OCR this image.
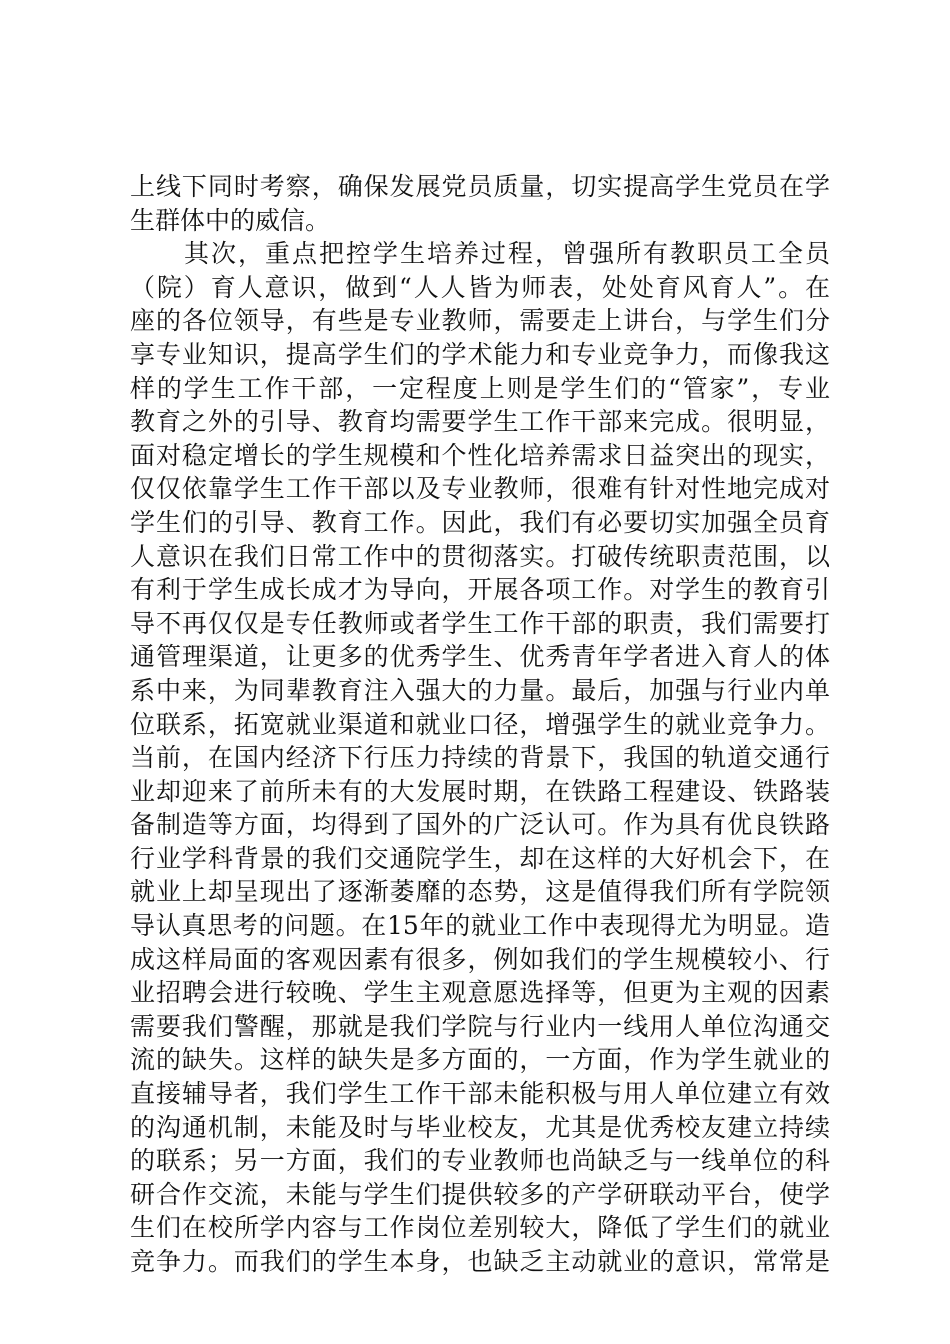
上线下同时考察，确保发展党员质量，切实提高学生党员在学
生群体中的威信。
　　其次，重点把控学生培养过程，曾强所有教职员工全员
（院）育人意识，做到“人人皆为师表，处处育风育人”。在
座的各位领导，有些是专业教师，需要走上讲台，与学生们分
享专业知识，提高学生们的学术能力和专业竞争力，而像我这
样的学生工作干部，一定程度上则是学生们的“管家”，专业
教育之外的引导、教育均需要学生工作干部来完成。很明显，
面对稳定增长的学生规模和个性化培养需求日益突出的现实，
仅仅依靠学生工作干部以及专业教师，很难有针对性地完成对
学生们的引导、教育工作。因此，我们有必要切实加强全员育
人意识在我们日常工作中的贯彻落实。打破传统职责范围，以
有利于学生成长成才为导向，开展各项工作。对学生的教育引
导不再仅仅是专任教师或者学生工作干部的职责，我们需要打
通管理渠道，让更多的优秀学生、优秀青年学者进入育人的体
系中来，为同辈教育注入强大的力量。最后，加强与行业内单
位联系，拓宽就业渠道和就业口径，增强学生的就业竞争力。
当前，在国内经济下行压力持续的背景下，我国的轨道交通行
业却迎来了前所未有的大发展时期，在铁路工程建设、铁路装
备制造等方面，均得到了国外的广泛认可。作为具有优良铁路
行业学科背景的我们交通院学生，却在这样的大好机会下，在
就业上却呈现出了逐渐萎靡的态势，这是值得我们所有学院领
导认真思考的问题。在15年的就业工作中表现得尤为明显。造
成这样局面的客观因素有很多，例如我们的学生规模较小、行
业招聘会进行较晚、学生主观意愿选择等，但更为主观的因素
需要我们警醒，那就是我们学院与行业内一线用人单位沟通交
流的缺失。这样的缺失是多方面的，一方面，作为学生就业的
直接辅导者，我们学生工作干部未能积极与用人单位建立有效
的沟通机制，未能及时与毕业校友，尤其是优秀校友建立持续
的联系；另一方面，我们的专业教师也尚缺乏与一线单位的科
研合作交流，未能与学生们提供较多的产学研联动平台，使学
生们在校所学内容与工作岗位差别较大，降低了学生们的就业
竞争力。而我们的学生本身，也缺乏主动就业的意识，常常是
